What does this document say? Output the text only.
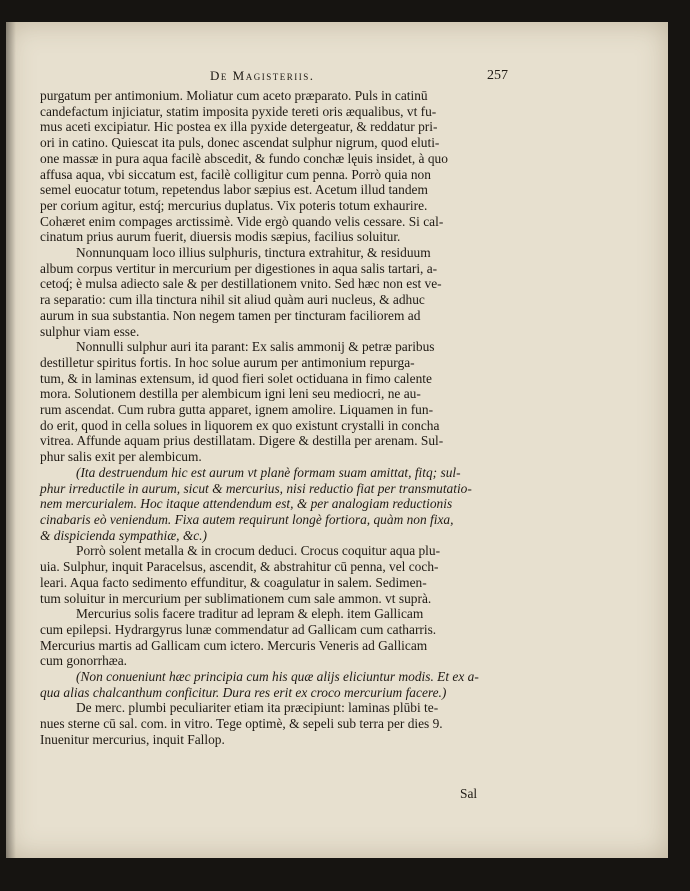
De Magisteriis.	257
purgatum per antimonium. Moliatur cum aceto præparato. Puls in catinū
candefactum injiciatur, statim imposita pyxide tereti oris æqualibus, vt fu-
mus aceti excipiatur. Hic postea ex illa pyxide detergeatur, & reddatur pri-
ori in catino. Quiescat ita puls, donec ascendat sulphur nigrum, quod eluti-
one massæ in pura aqua facilè abscedit, & fundo conchæ lęuis insidet, à quo
affusa aqua, vbi siccatum est, facilè colligitur cum penna. Porrò quia non
semel euocatur totum, repetendus labor sæpius est. Acetum illud tandem
per corium agitur, estq́; mercurius duplatus. Vix poteris totum exhaurire.
Cohæret enim compages arctissimè. Vide ergò quando velis cessare. Si cal-
cinatum prius aurum fuerit, diuersis modis sæpius, facilius soluitur.
Nonnunquam loco illius sulphuris, tinctura extrahitur, & residuum
album corpus vertitur in mercurium per digestiones in aqua salis tartari, a-
cetoq́; è mulsa adiecto sale & per destillationem vnito. Sed hæc non est ve-
ra separatio: cum illa tinctura nihil sit aliud quàm auri nucleus, & adhuc
aurum in sua substantia. Non negem tamen per tincturam faciliorem ad
sulphur viam esse.
Nonnulli sulphur auri ita parant: Ex salis ammonij & petræ paribus
destilletur spiritus fortis. In hoc solue aurum per antimonium repurga-
tum, & in laminas extensum, id quod fieri solet octiduana in fimo calente
mora. Solutionem destilla per alembicum igni leni seu mediocri, ne au-
rum ascendat. Cum rubra gutta apparet, ignem amolire. Liquamen in fun-
do erit, quod in cella solues in liquorem ex quo existunt crystalli in concha
vitrea. Affunde aquam prius destillatam. Digere & destilla per arenam. Sul-
phur salis exit per alembicum.
(Ita destruendum hic est aurum vt planè formam suam amittat, fitq; sul-
phur irreductile in aurum, sicut & mercurius, nisi reductio fiat per transmutatio-
nem mercurialem. Hoc itaque attendendum est, & per analogiam reductionis
cinabaris eò veniendum. Fixa autem requirunt longè fortiora, quàm non fixa,
& dispicienda sympathiæ, &c.)
Porrò solent metalla & in crocum deduci. Crocus coquitur aqua plu-
uia. Sulphur, inquit Paracelsus, ascendit, & abstrahitur cū penna, vel coch-
leari. Aqua facto sedimento effunditur, & coagulatur in salem. Sedimen-
tum soluitur in mercurium per sublimationem cum sale ammon. vt suprà.
Mercurius solis facere traditur ad lepram & eleph. item Gallicam
cum epilepsi. Hydrargyrus lunæ commendatur ad Gallicam cum catharris.
Mercurius martis ad Gallicam cum ictero. Mercuris Veneris ad Gallicam
cum gonorrhæa.
(Non conueniunt hæc principia cum his quæ alijs eliciuntur modis. Et ex a-
qua alias chalcanthum conficitur. Dura res erit ex croco mercurium facere.)
De merc. plumbi peculiariter etiam ita præcipiunt: laminas plūbi te-
nues sterne cū sal. com. in vitro. Tege optimè, & sepeli sub terra per dies 9.
Inuenitur mercurius, inquit Fallop.
Sal
